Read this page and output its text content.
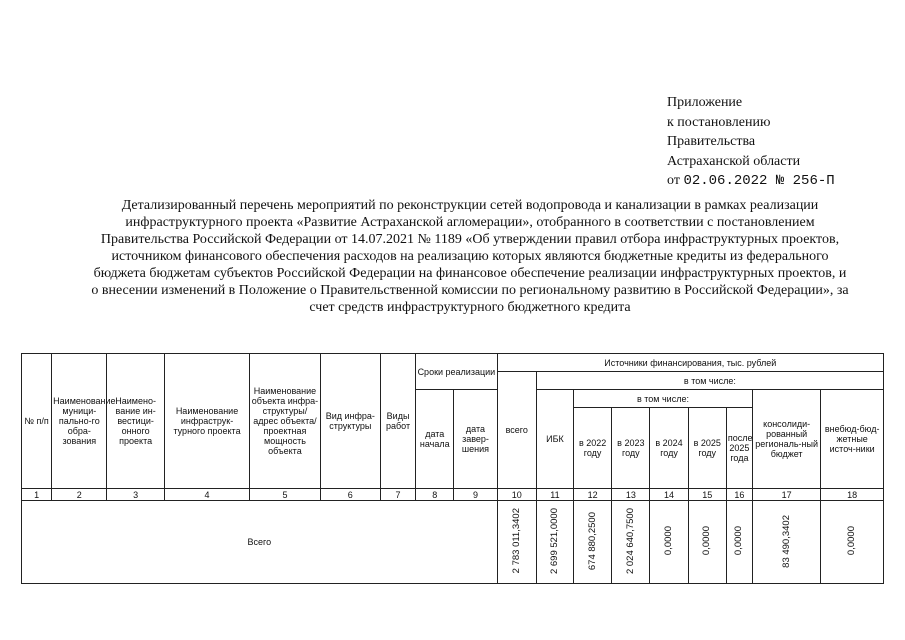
Приложение
к постановлению
Правительства
Астраханской области
от 02.06.2022 № 256-П
Детализированный перечень мероприятий по реконструкции сетей водопровода и канализации в рамках реализации инфраструктурного проекта «Развитие Астраханской агломерации», отобранного в соответствии с постановлением Правительства Российской Федерации от 14.07.2021 № 1189 «Об утверждении правил отбора инфраструктурных проектов, источником финансового обеспечения расходов на реализацию которых являются бюджетные кредиты из федерального бюджета бюджетам субъектов Российской Федерации на финансовое обеспечение реализации инфраструктурных проектов, и о внесении изменений в Положение о Правительственной комиссии по региональному развитию в Российской Федерации», за счет средств инфраструктурного бюджетного кредита
№ п/п	Наименование муници-пально-го обра-зования	Наимено-вание ин-вестици-онного проекта	Наименование инфраструк-турного проекта	Наименование объекта инфра-структуры/ адрес объекта/ проектная мощность объекта	Вид инфра-структуры	Виды работ	Сроки реализации		Источники финансирования, тыс. рублей								
									всего	в том числе:							
							дата начала	дата завер-шения		ИБК	в том числе:					консолиди-рованный региональ-ный бюджет	внебюд-бюд-жетные источ-ники
											в 2022 году	в 2023 году	в 2024 году	в 2025 году	после 2025 года		
1	2	3	4	5	6	7	8	9	10	11	12	13	14	15	16	17	18
Всего									2 783 011,3402	2 699 521,0000	674 880,2500	2 024 640,7500	0,0000	0,0000	0,0000	83 490,3402	0,0000
